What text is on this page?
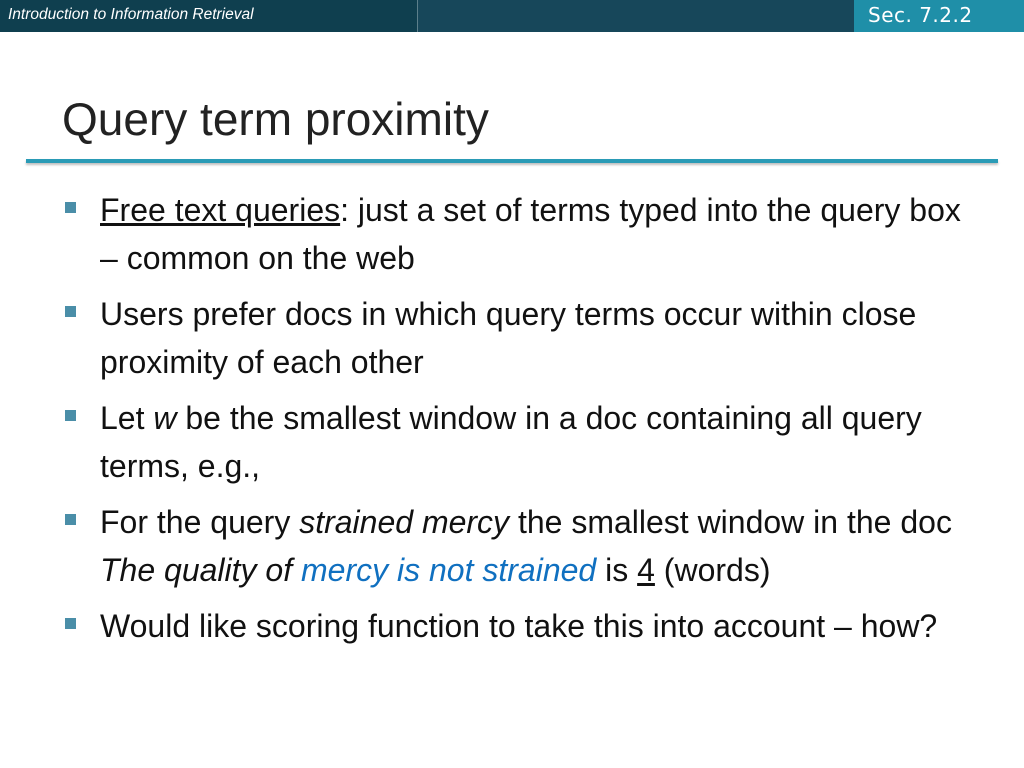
Introduction to Information Retrieval	Sec. 7.2.2
Query term proximity
Free text queries: just a set of terms typed into the query box – common on the web
Users prefer docs in which query terms occur within close proximity of each other
Let w be the smallest window in a doc containing all query terms, e.g.,
For the query strained mercy the smallest window in the doc The quality of mercy is not strained is 4 (words)
Would like scoring function to take this into account – how?
